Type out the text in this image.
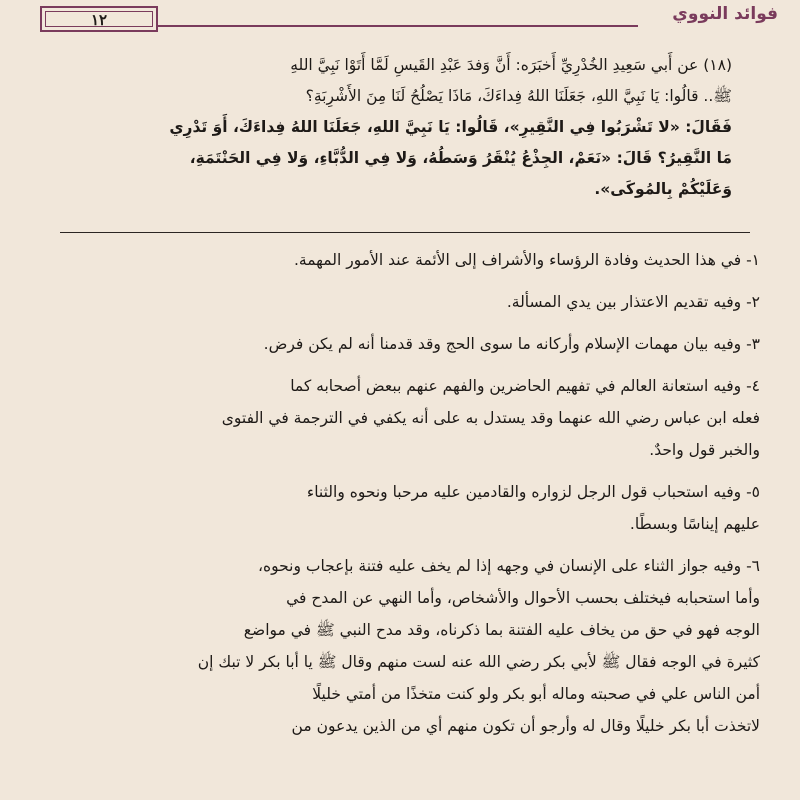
١٢	فوائد النووي
(١٨) عن أَبي سَعِيدِ الخُدْرِيِّ أَخبَرَه: أَنَّ وَفدَ عَبْدِ القَيسِ لَمَّا أَتَوْا نَبِيَّ اللهِ
ﷺ.. قالُوا: يَا نَبِيَّ اللهِ، جَعَلَنَا اللهُ فِداءَكَ، مَاذَا يَصْلُحُ لَنَا مِنَ الأَشْرِبَةِ؟
فَقَالَ: «لا تَشْرَبُوا فِي النَّقِيرِ»، قَالُوا: يَا نَبِيَّ اللهِ، جَعَلَنَا اللهُ فِداءَكَ، أَوَ تَدْرِي
مَا النَّقِيرُ؟ قَالَ: «نَعَمْ، الجِذْعُ يُنْقَرُ وَسَطُهُ، وَلا فِي الدُّبَّاءِ، وَلا فِي الحَنْتَمَةِ،
وَعَلَيْكُمْ بِالمُوكَى».
١- في هذا الحديث وفادة الرؤساء والأشراف إلى الأئمة عند الأمور المهمة.
٢- وفيه تقديم الاعتذار بين يدي المسألة.
٣- وفيه بيان مهمات الإسلام وأركانه ما سوى الحج وقد قدمنا أنه لم يكن فرض.
٤- وفيه استعانة العالم في تفهيم الحاضرين والفهم عنهم ببعض أصحابه كما
فعله ابن عباس رضي الله عنهما وقد يستدل به على أنه يكفي في الترجمة في الفتوى
والخبر قول واحدٌ.
٥- وفيه استحباب قول الرجل لزواره والقادمين عليه مرحبا ونحوه والثناء
عليهم إيناسًا وبسطًا.
٦- وفيه جواز الثناء على الإنسان في وجهه إذا لم يخف عليه فتنة بإعجاب ونحوه،
وأما استحبابه فيختلف بحسب الأحوال والأشخاص، وأما النهي عن المدح في
الوجه فهو في حق من يخاف عليه الفتنة بما ذكرناه، وقد مدح النبي ﷺ في مواضع
كثيرة في الوجه فقال ﷺ لأبي بكر رضي الله عنه لست منهم وقال ﷺ يا أبا بكر لا تبك إن
أمن الناس علي في صحبته وماله أبو بكر ولو كنت متخذًا من أمتي خليلًا
لاتخذت أبا بكر خليلًا وقال له وأرجو أن تكون منهم أي من الذين يدعون من
